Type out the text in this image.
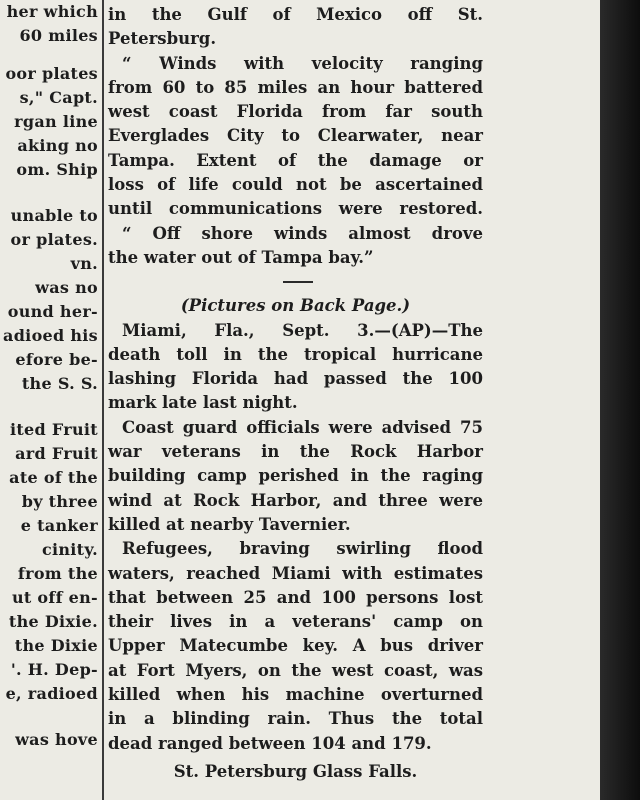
her which
60 miles
oor plates
s," Capt.
rgan line
aking no
om. Ship
unable to
or plates.
vn.
was no
ound her-
adioed his
efore be-
the S. S.
ited Fruit
ard Fruit
ate of the
by three
e tanker
cinity.
from the
ut off en-
the Dixie.
the Dixie
'. H. Dep-
e, radioed
was hove
in the Gulf of Mexico off St.
Petersburg.
“ Winds with velocity ranging
from 60 to 85 miles an hour battered
west coast Florida from far south
Everglades City to Clearwater, near
Tampa. Extent of the damage or
loss of life could not be ascertained
until communications were restored.
“ Off shore winds almost drove
the water out of Tampa bay.”
(Pictures on Back Page.)
Miami, Fla., Sept. 3.—(AP)—The
death toll in the tropical hurricane
lashing Florida had passed the 100
mark late last night.
Coast guard officials were advised 75
war veterans in the Rock Harbor
building camp perished in the raging
wind at Rock Harbor, and three were
killed at nearby Tavernier.
Refugees, braving swirling flood
waters, reached Miami with estimates
that between 25 and 100 persons lost
their lives in a veterans' camp on
Upper Matecumbe key. A bus driver
at Fort Myers, on the west coast, was
killed when his machine overturned
in a blinding rain. Thus the total
dead ranged between 104 and 179.
St. Petersburg Glass Falls.
